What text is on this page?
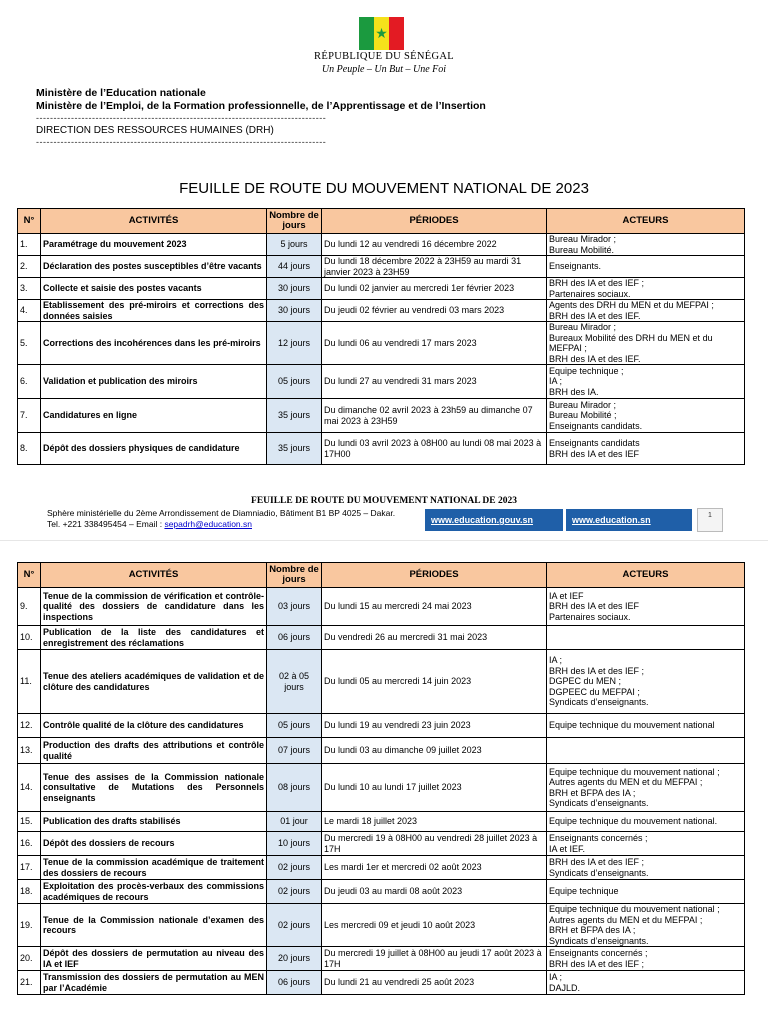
★
RÉPUBLIQUE DU SÉNÉGAL
Un Peuple – Un But – Une Foi
Ministère de l’Education nationale
Ministère de l’Emploi, de la Formation professionnelle, de l’Apprentissage et de l’Insertion
-----------------------------------------------------------------------------------
DIRECTION DES RESSOURCES HUMAINES (DRH)
-----------------------------------------------------------------------------------
FEUILLE DE ROUTE DU MOUVEMENT NATIONAL DE 2023
N°	ACTIVITÉS	Nombre de jours	PÉRIODES	ACTEURS
1.	Paramétrage du mouvement 2023	5 jours	Du lundi 12 au vendredi 16 décembre 2022	Bureau Mirador ;
Bureau Mobilité.
2.	Déclaration des postes susceptibles d’être vacants	44 jours	Du lundi 18 décembre 2022 à 23H59 au mardi 31 janvier 2023 à 23H59	Enseignants.
3.	Collecte et saisie des postes vacants	30 jours	Du lundi 02 janvier au mercredi 1er février 2023	BRH des IA et des IEF ;
Partenaires sociaux.
4.	Etablissement des pré-miroirs et corrections des données saisies	30 jours	Du jeudi 02 février au vendredi 03 mars 2023	Agents des DRH du MEN et du MEFPAI ;
BRH des IA et des IEF.
5.	Corrections des incohérences dans les pré-miroirs	12 jours	Du lundi 06 au vendredi 17 mars 2023	Bureau Mirador ;
Bureaux Mobilité des DRH du MEN et du MEFPAI ;
BRH des IA et des IEF.
6.	Validation et publication des miroirs	05 jours	Du lundi 27 au vendredi 31 mars 2023	Equipe technique ;
IA ;
BRH des IA.
7.	Candidatures en ligne	35 jours	Du dimanche 02 avril 2023 à 23h59 au dimanche 07 mai 2023 à 23H59	Bureau Mirador ;
Bureau Mobilité ;
Enseignants candidats.
8.	Dépôt des dossiers physiques de candidature	35 jours	Du lundi 03 avril 2023 à 08H00 au lundi 08 mai 2023 à 17H00	Enseignants candidats
BRH des IA et des IEF
FEUILLE DE ROUTE DU MOUVEMENT NATIONAL DE 2023
Sphère ministérielle du 2ème Arrondissement de Diamniadio, Bâtiment B1 BP 4025 – Dakar.
Tel. +221 338495454 – Email : sepadrh@education.sn	www.education.gouv.sn	www.education.sn	1
N°	ACTIVITÉS	Nombre de jours	PÉRIODES	ACTEURS
9.	Tenue de la commission de vérification et contrôle-qualité des dossiers de candidature dans les inspections	03 jours	Du lundi 15 au mercredi 24 mai 2023	IA et IEF
BRH des IA et des IEF
Partenaires sociaux.
10.	Publication de la liste des candidatures et enregistrement des réclamations	06 jours	Du vendredi 26 au mercredi 31 mai 2023	
11.	Tenue des ateliers académiques de validation et de clôture des candidatures	02 à 05 jours	Du lundi 05 au mercredi 14 juin 2023	IA ;
BRH des IA et des IEF ;
DGPEC du MEN ;
DGPEEC du MEFPAI ;
Syndicats d’enseignants.
12.	Contrôle qualité de la clôture des candidatures	05 jours	Du lundi 19 au vendredi 23 juin 2023	Equipe technique du mouvement national
13.	Production des drafts des attributions et contrôle qualité	07 jours	Du lundi 03 au dimanche 09 juillet 2023	
14.	Tenue des assises de la Commission nationale consultative de Mutations des Personnels enseignants	08 jours	Du lundi 10 au lundi 17 juillet 2023	Equipe technique du mouvement national ;
Autres agents du MEN et du MEFPAI ;
BRH et BFPA des IA ;
Syndicats d’enseignants.
15.	Publication des drafts stabilisés	01 jour	Le mardi 18 juillet 2023	Equipe technique du mouvement national.
16.	Dépôt des dossiers de recours	10 jours	Du mercredi 19 à 08H00 au vendredi 28 juillet 2023 à 17H	Enseignants concernés ;
IA et IEF.
17.	Tenue de la commission académique de traitement des dossiers de recours	02 jours	Les mardi 1er et mercredi 02 août 2023	BRH des IA et des IEF ;
Syndicats d’enseignants.
18.	Exploitation des procès-verbaux des commissions académiques de recours	02 jours	Du jeudi 03 au mardi 08 août 2023	Equipe technique
19.	Tenue de la Commission nationale d’examen des recours	02 jours	Les mercredi 09 et jeudi 10 août 2023	Equipe technique du mouvement national ;
Autres agents du MEN et du MEFPAI ;
BRH et BFPA des IA ;
Syndicats d’enseignants.
20.	Dépôt des dossiers de permutation au niveau des IA et IEF	20 jours	Du mercredi 19 juillet à 08H00 au jeudi 17 août 2023 à 17H	Enseignants concernés ;
BRH des IA et des IEF ;
21.	Transmission des dossiers de permutation au MEN par l’Académie	06 jours	Du lundi 21 au vendredi 25 août 2023	IA ;
DAJLD.
